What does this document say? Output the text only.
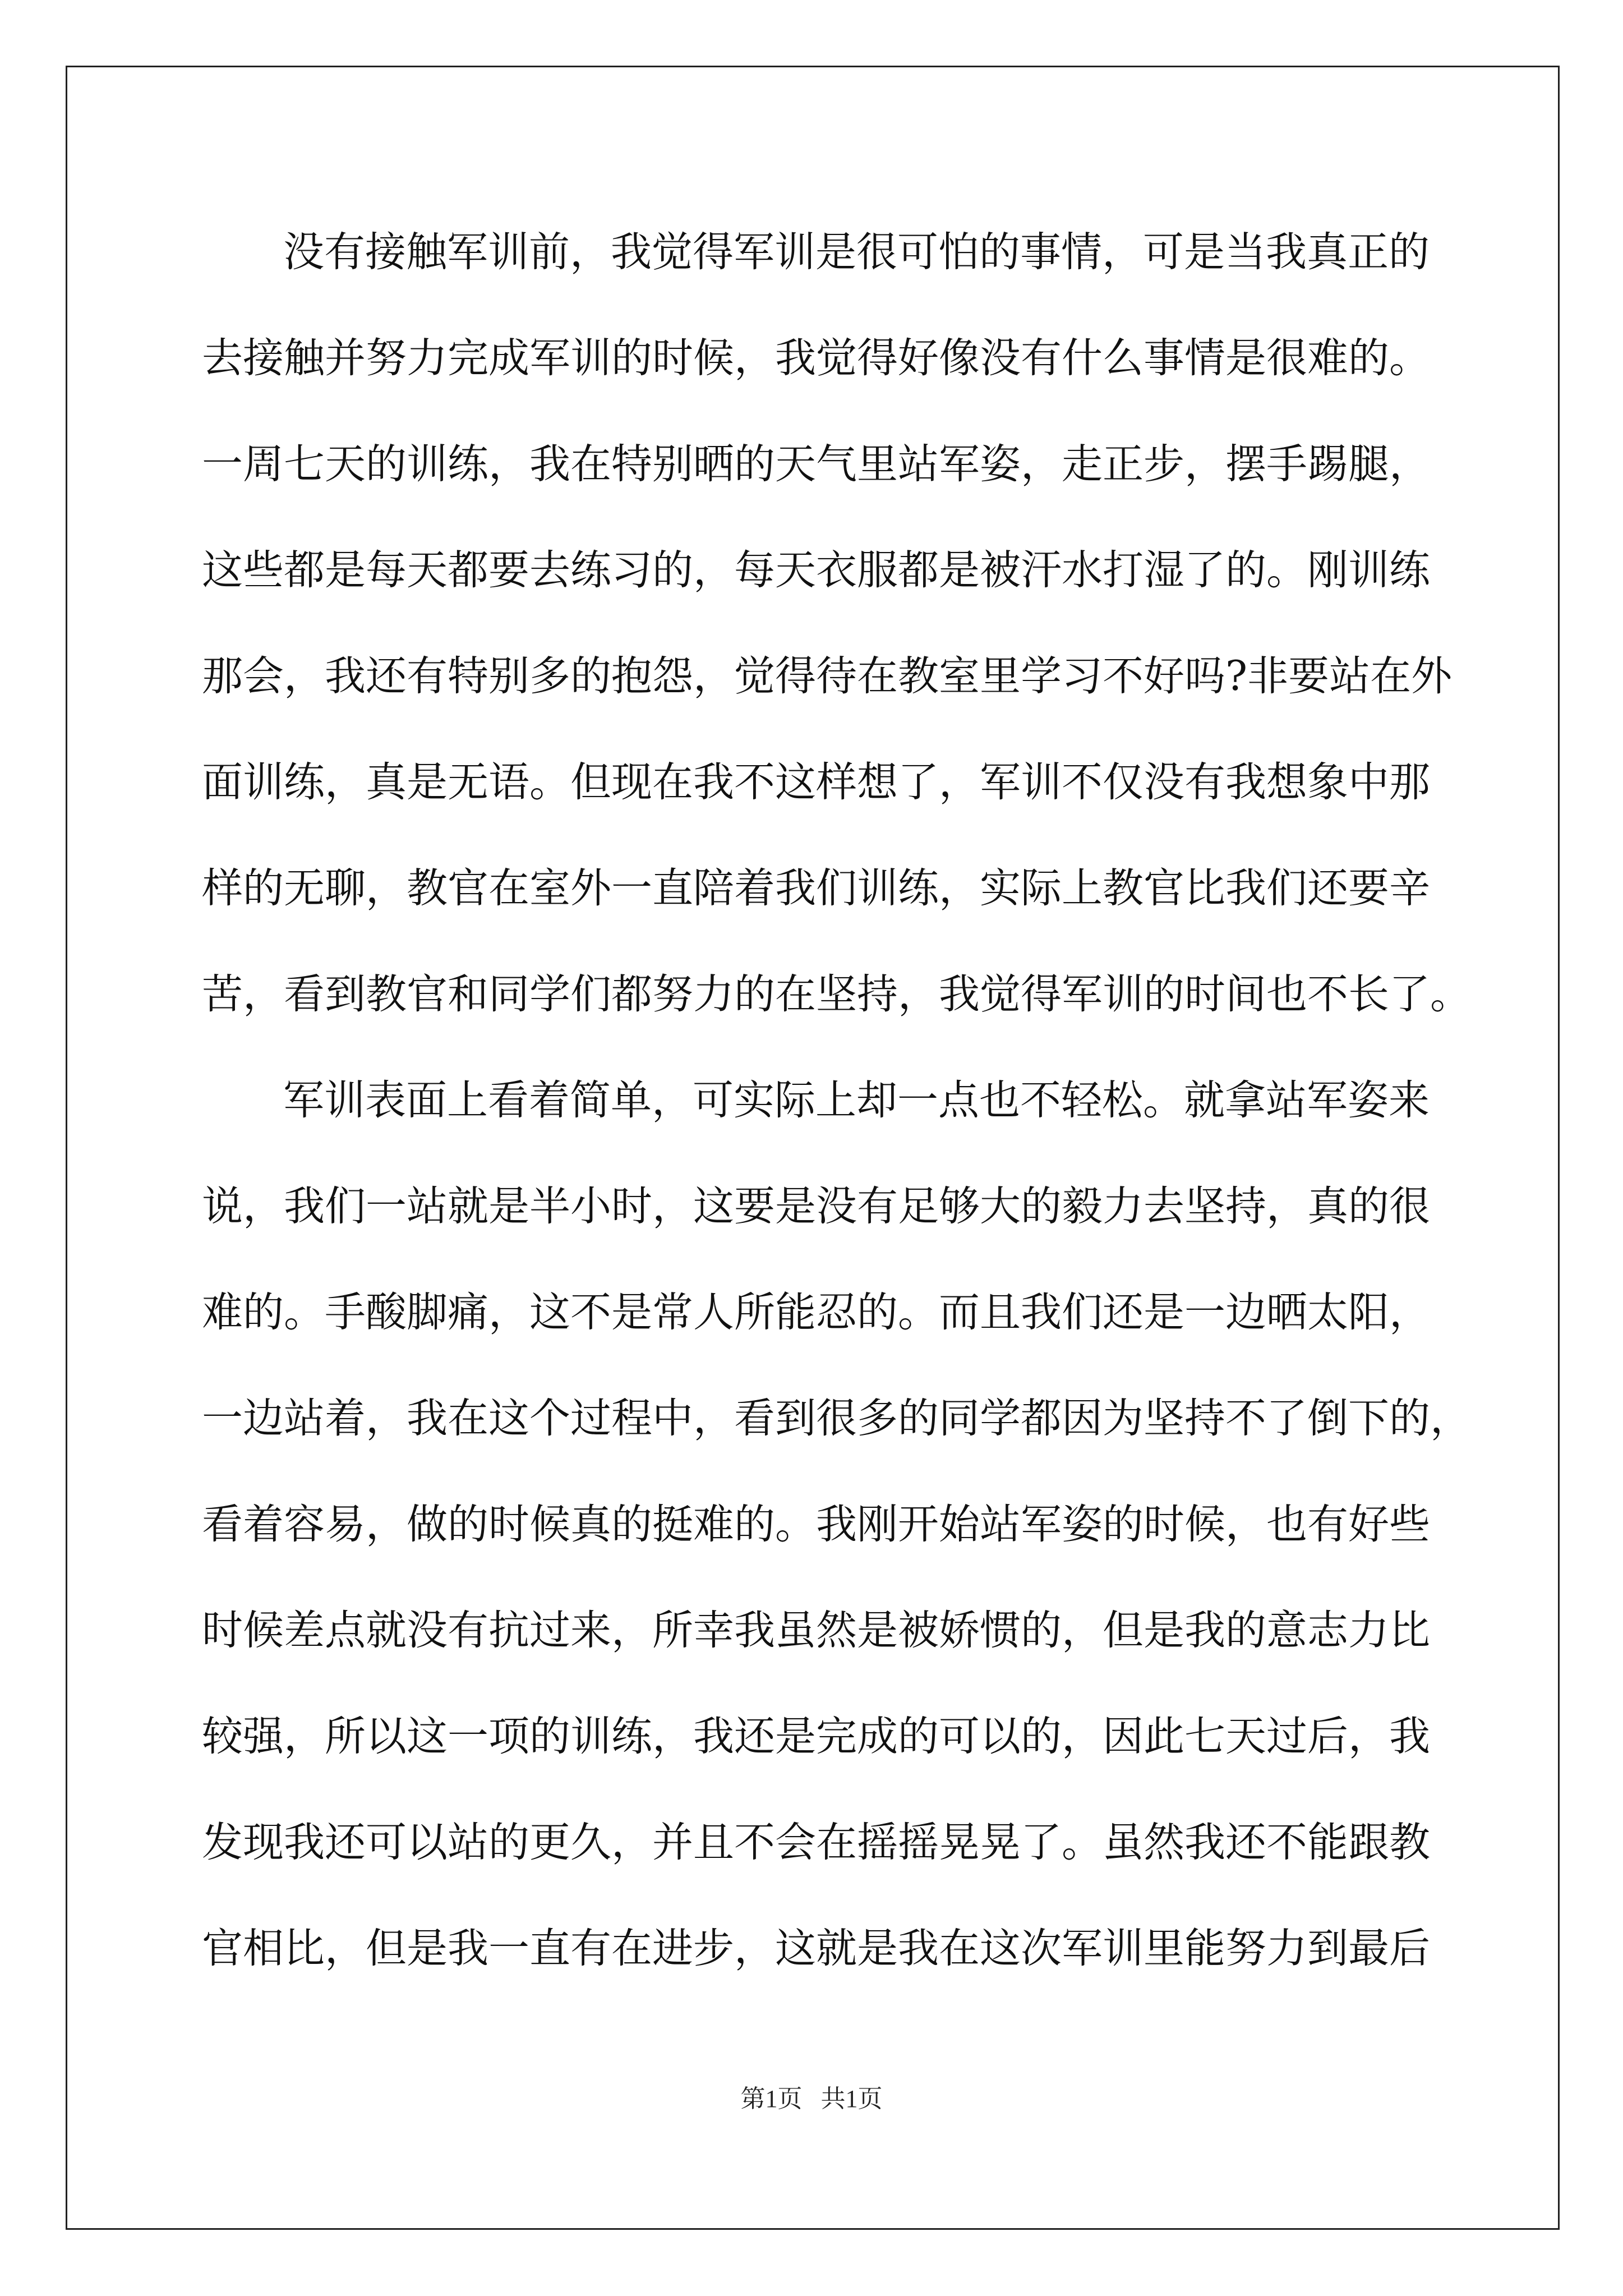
没有接触军训前，我觉得军训是很可怕的事情，可是当我真正的
去接触并努力完成军训的时候，我觉得好像没有什么事情是很难的。
一周七天的训练，我在特别晒的天气里站军姿，走正步，摆手踢腿，
这些都是每天都要去练习的，每天衣服都是被汗水打湿了的。刚训练
那会，我还有特别多的抱怨，觉得待在教室里学习不好吗?非要站在外
面训练，真是无语。但现在我不这样想了，军训不仅没有我想象中那
样的无聊，教官在室外一直陪着我们训练，实际上教官比我们还要辛
苦，看到教官和同学们都努力的在坚持，我觉得军训的时间也不长了。
军训表面上看着简单，可实际上却一点也不轻松。就拿站军姿来
说，我们一站就是半小时，这要是没有足够大的毅力去坚持，真的很
难的。手酸脚痛，这不是常人所能忍的。而且我们还是一边晒太阳，
一边站着，我在这个过程中，看到很多的同学都因为坚持不了倒下的，
看着容易，做的时候真的挺难的。我刚开始站军姿的时候，也有好些
时候差点就没有抗过来，所幸我虽然是被娇惯的，但是我的意志力比
较强，所以这一项的训练，我还是完成的可以的，因此七天过后，我
发现我还可以站的更久，并且不会在摇摇晃晃了。虽然我还不能跟教
官相比，但是我一直有在进步，这就是我在这次军训里能努力到最后
第1页   共1页
